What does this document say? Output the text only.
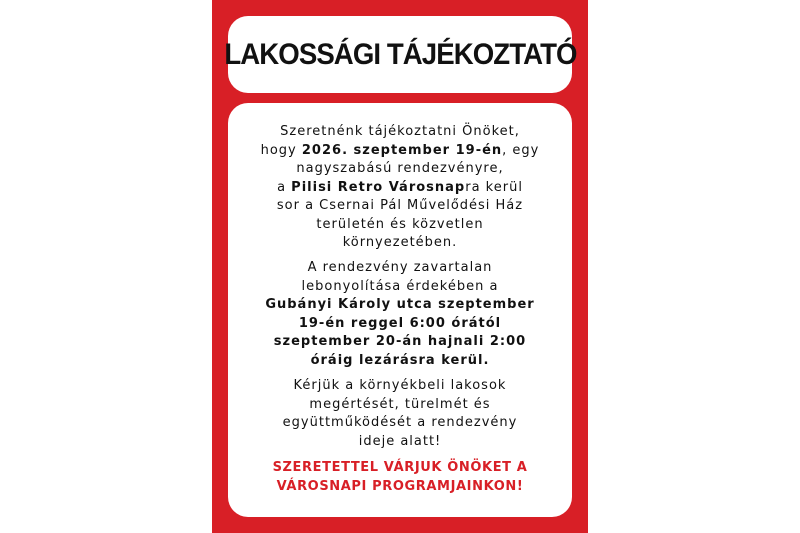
LAKOSSÁGI TÁJÉKOZTATÓ
Szeretnénk tájékoztatni Önöket,
hogy 2026. szeptember 19-én, egy
nagyszabású rendezvényre,
a Pilisi Retro Városnapra kerül
sor a Csernai Pál Művelődési Ház
területén és közvetlen
környezetében.
A rendezvény zavartalan
lebonyolítása érdekében a
Gubányi Károly utca szeptember
19-én reggel 6:00 órától
szeptember 20-án hajnali 2:00
óráig lezárásra kerül.
Kérjük a környékbeli lakosok
megértését, türelmét és
együttműködését a rendezvény
ideje alatt!
SZERETETTEL VÁRJUK ÖNÖKET A
VÁROSNAPI PROGRAMJAINKON!
